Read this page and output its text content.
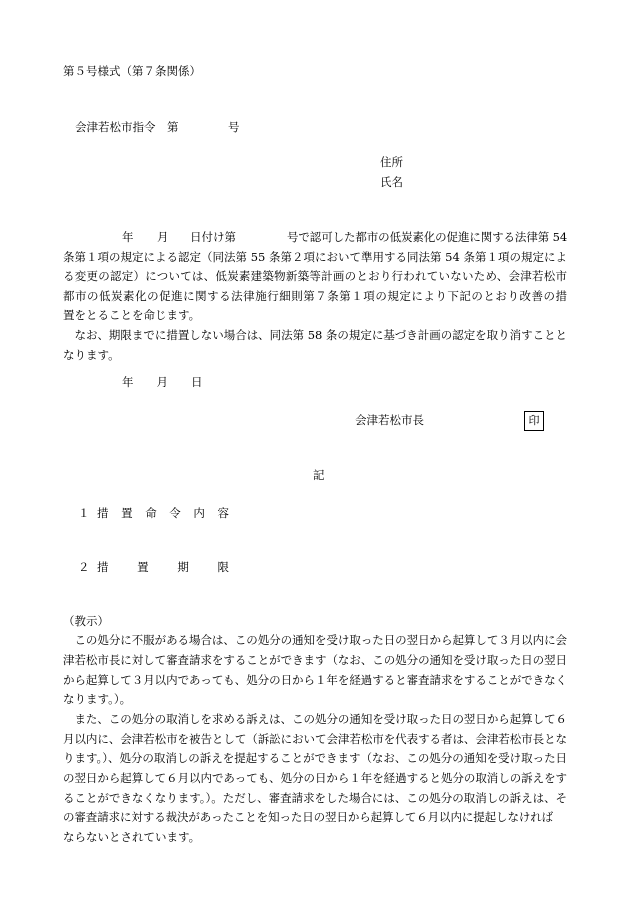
第５号様式（第７条関係）
会津若松市指令　第	号
住所
氏名
年 月 日付け第	号で認可した都市の低炭素化の促進に関する法律第 54
条第１項の規定による認定（同法第 55 条第２項において準用する同法第 54 条第１項の規定によ
る変更の認定）については、低炭素建築物新築等計画のとおり行われていないため、会津若松市
都市の低炭素化の促進に関する法律施行細則第７条第１項の規定により下記のとおり改善の措
置をとることを命じます。
　なお、期限までに措置しない場合は、同法第 58 条の規定に基づき計画の認定を取り消すことと
なります。
年　　月　　日
会津若松市長	印
記
１ 措置命令内容
２ 措置期限
（教示）
　この処分に不服がある場合は、この処分の通知を受け取った日の翌日から起算して３月以内に会
津若松市長に対して審査請求をすることができます（なお、この処分の通知を受け取った日の翌日
から起算して３月以内であっても、処分の日から１年を経過すると審査請求をすることができなく
なります。）。
　また、この処分の取消しを求める訴えは、この処分の通知を受け取った日の翌日から起算して６
月以内に、会津若松市を被告として（訴訟において会津若松市を代表する者は、会津若松市長とな
ります。）、処分の取消しの訴えを提起することができます（なお、この処分の通知を受け取った日
の翌日から起算して６月以内であっても、処分の日から１年を経過すると処分の取消しの訴えをす
ることができなくなります。）。ただし、審査請求をした場合には、この処分の取消しの訴えは、そ
の審査請求に対する裁決があったことを知った日の翌日から起算して６月以内に提起しなければ
ならないとされています。
